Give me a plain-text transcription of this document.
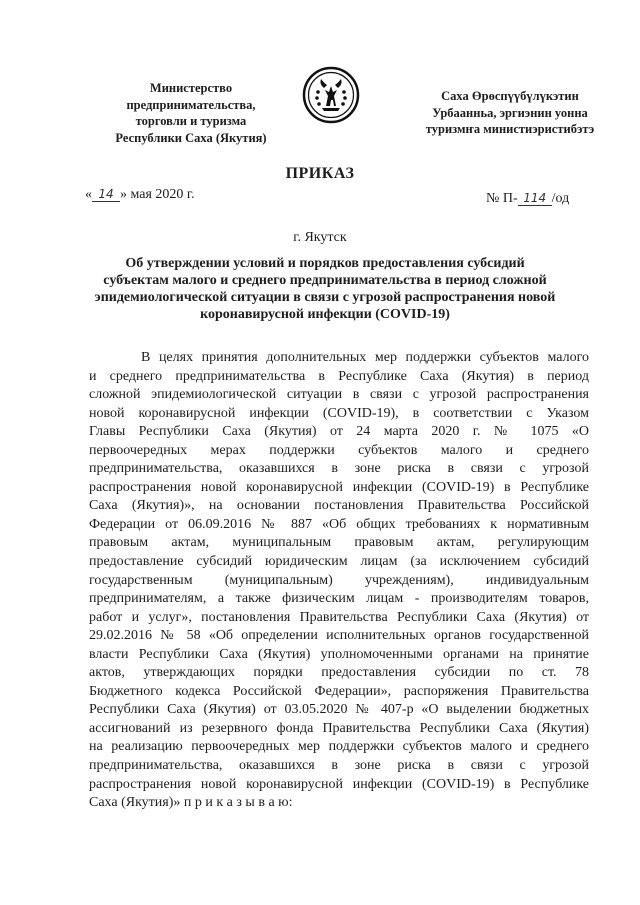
Министерство
предпринимательства,
торговли и туризма
Республики Саха (Якутия)
Саха Өрөспүүбүлүкэтин
Урбаанньа, эргиэнин уонна
туризмҥа министиэристибэтэ
ПРИКАЗ
« 14 » мая 2020 г.	№ П- 114 /од
г. Якутск
Об утверждении условий и порядков предоставления субсидий
субъектам малого и среднего предпринимательства в период сложной
эпидемиологической ситуации в связи с угрозой распространения новой
коронавирусной инфекции (COVID-19)
В целях принятия дополнительных мер поддержки субъектов малого
и среднего предпринимательства в Республике Саха (Якутия) в период
сложной эпидемиологической ситуации в связи с угрозой распространения
новой коронавирусной инфекции (COVID-19), в соответствии с Указом
Главы Республики Саха (Якутия) от 24 марта 2020 г. № 1075 «О
первоочередных мерах поддержки субъектов малого и среднего
предпринимательства, оказавшихся в зоне риска в связи с угрозой
распространения новой коронавирусной инфекции (COVID-19) в Республике
Саха (Якутия)», на основании постановления Правительства Российской
Федерации от 06.09.2016 № 887 «Об общих требованиях к нормативным
правовым актам, муниципальным правовым актам, регулирующим
предоставление субсидий юридическим лицам (за исключением субсидий
государственным (муниципальным) учреждениям), индивидуальным
предпринимателям, а также физическим лицам - производителям товаров,
работ и услуг», постановления Правительства Республики Саха (Якутия) от
29.02.2016 № 58 «Об определении исполнительных органов государственной
власти Республики Саха (Якутия) уполномоченными органами на принятие
актов, утверждающих порядки предоставления субсидии по ст. 78
Бюджетного кодекса Российской Федерации», распоряжения Правительства
Республики Саха (Якутия) от 03.05.2020 № 407-р «О выделении бюджетных
ассигнований из резервного фонда Правительства Республики Саха (Якутия)
на реализацию первоочередных мер поддержки субъектов малого и среднего
предпринимательства, оказавшихся в зоне риска в связи с угрозой
распространения новой коронавирусной инфекции (COVID-19) в Республике
Саха (Якутия)» п р и к а з ы в а ю:
